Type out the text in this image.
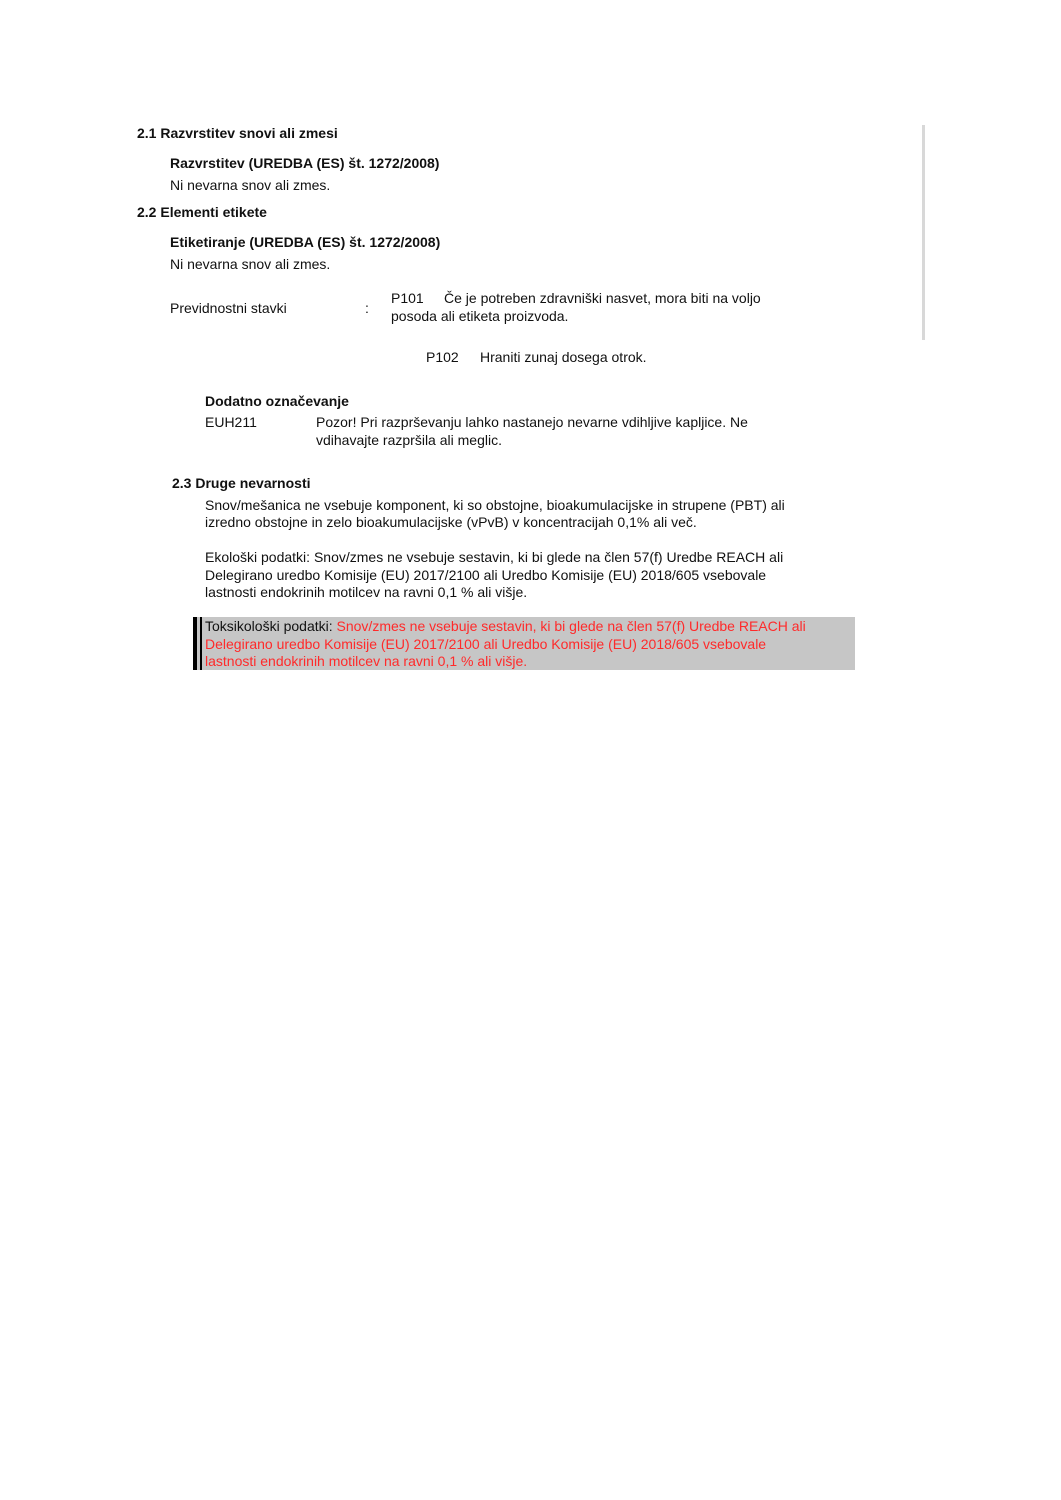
2.1 Razvrstitev snovi ali zmesi
Razvrstitev (UREDBA (ES) št. 1272/2008)
Ni nevarna snov ali zmes.
2.2 Elementi etikete
Etiketiranje (UREDBA (ES) št. 1272/2008)
Ni nevarna snov ali zmes.
Previdnostni stavki	:
P101 Če je potreben zdravniški nasvet, mora biti na voljo
posoda ali etiketa proizvoda.
P102 Hraniti zunaj dosega otrok.
Dodatno označevanje
EUH211	Pozor! Pri razprševanju lahko nastanejo nevarne vdihljive kapljice. Ne
vdihavajte razpršila ali meglic.
2.3 Druge nevarnosti
Snov/mešanica ne vsebuje komponent, ki so obstojne, bioakumulacijske in strupene (PBT) ali
izredno obstojne in zelo bioakumulacijske (vPvB) v koncentracijah 0,1% ali več.
Ekološki podatki: Snov/zmes ne vsebuje sestavin, ki bi glede na člen 57(f) Uredbe REACH ali
Delegirano uredbo Komisije (EU) 2017/2100 ali Uredbo Komisije (EU) 2018/605 vsebovale
lastnosti endokrinih motilcev na ravni 0,1 % ali višje.
Toksikološki podatki: Snov/zmes ne vsebuje sestavin, ki bi glede na člen 57(f) Uredbe REACH ali
Delegirano uredbo Komisije (EU) 2017/2100 ali Uredbo Komisije (EU) 2018/605 vsebovale
lastnosti endokrinih motilcev na ravni 0,1 % ali višje.
